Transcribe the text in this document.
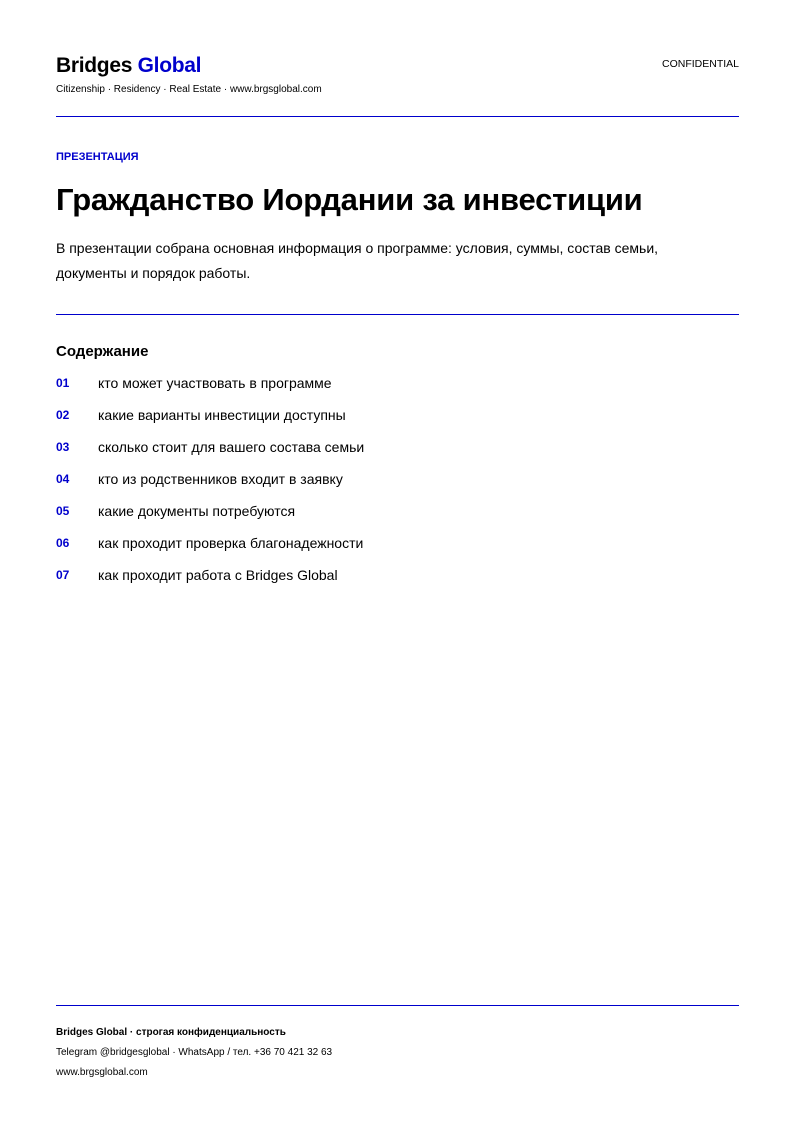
Bridges Global
Citizenship · Residency · Real Estate · www.brgsglobal.com
CONFIDENTIAL
ПРЕЗЕНТАЦИЯ
Гражданство Иордании за инвестиции

В презентации собрана основная информация о программе: условия, суммы, состав семьи, документы и порядок работы.

Содержание
01 кто может участвовать в программе
02 какие варианты инвестиции доступны
03 сколько стоит для вашего состава семьи
04 кто из родственников входит в заявку
05 какие документы потребуются
06 как проходит проверка благонадежности
07 как проходит работа с Bridges Global
Bridges Global · строгая конфиденциальность
Telegram @bridgesglobal · WhatsApp / тел. +36 70 421 32 63
www.brgsglobal.com
